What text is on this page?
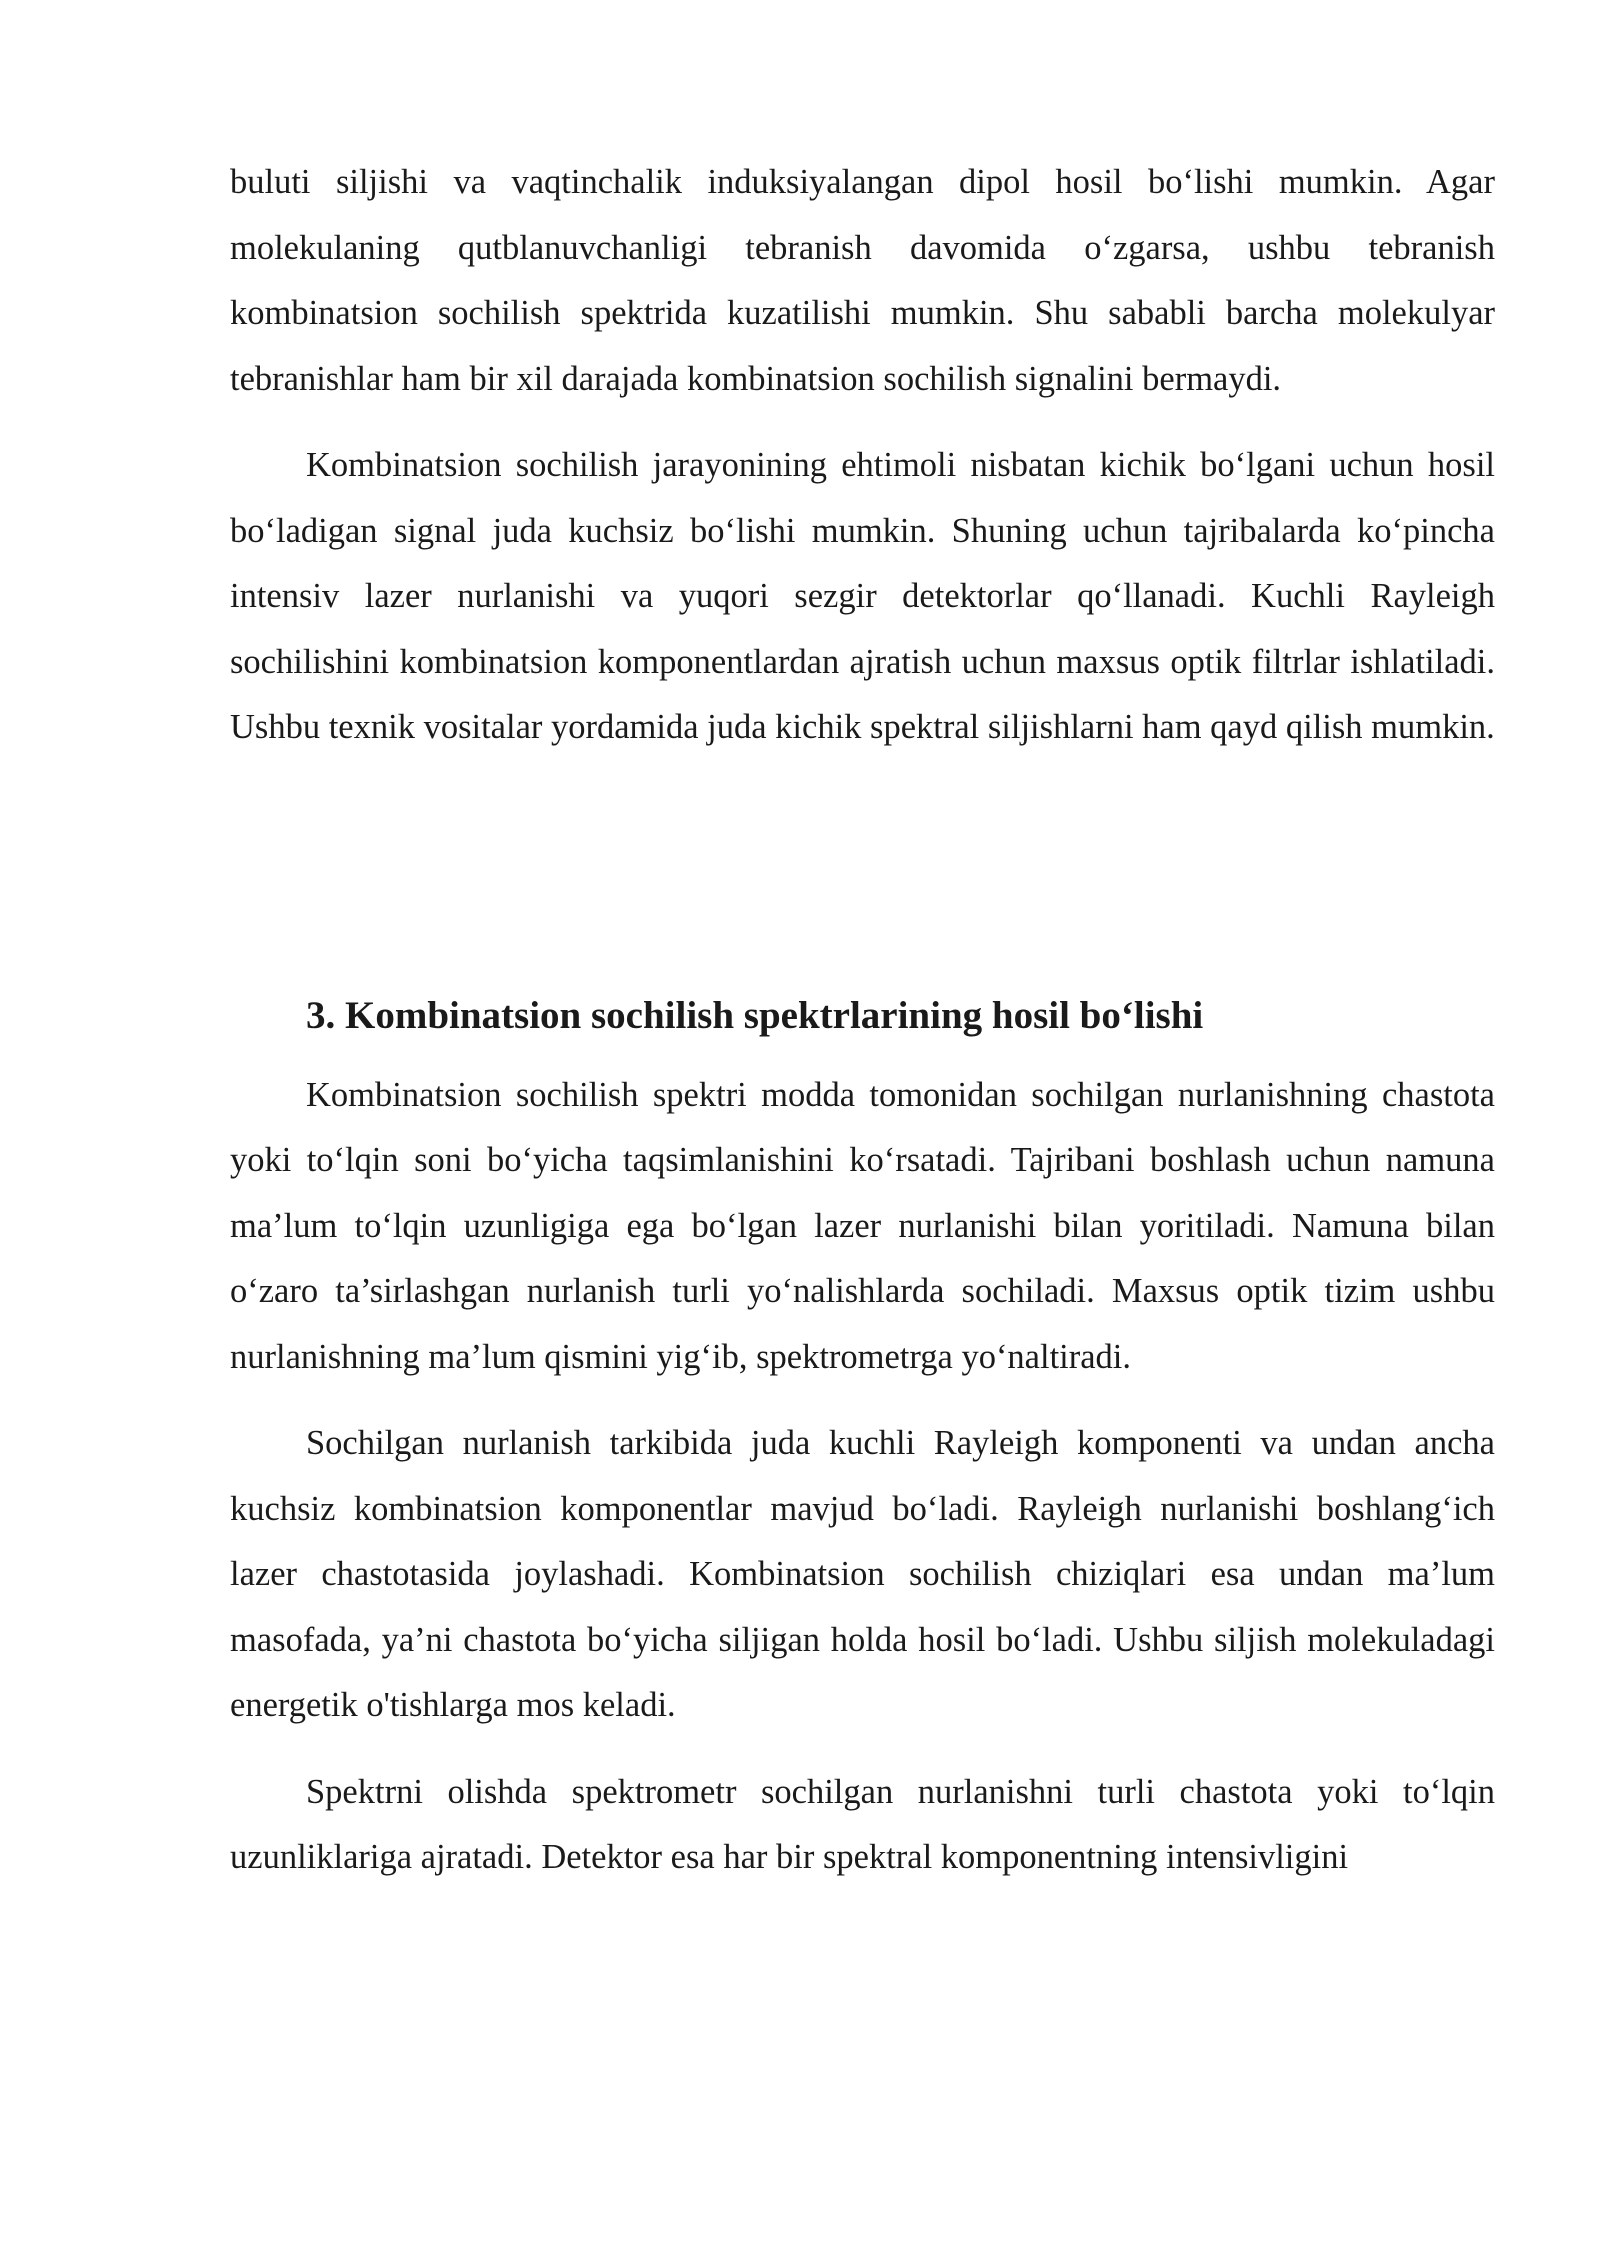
buluti siljishi va vaqtinchalik induksiyalangan dipol hosil bo‘lishi mumkin. Agar molekulaning qutblanuvchanligi tebranish davomida o‘zgarsa, ushbu tebranish kombinatsion sochilish spektrida kuzatilishi mumkin. Shu sababli barcha molekulyar tebranishlar ham bir xil darajada kombinatsion sochilish signalini bermaydi.

Kombinatsion sochilish jarayonining ehtimoli nisbatan kichik bo‘lgani uchun hosil bo‘ladigan signal juda kuchsiz bo‘lishi mumkin. Shuning uchun tajribalarda ko‘pincha intensiv lazer nurlanishi va yuqori sezgir detektorlar qo‘llanadi. Kuchli Rayleigh sochilishini kombinatsion komponentlardan ajratish uchun maxsus optik filtrlar ishlatiladi. Ushbu texnik vositalar yordamida juda kichik spektral siljishlarni ham qayd qilish mumkin.

3. Kombinatsion sochilish spektrlarining hosil bo‘lishi

Kombinatsion sochilish spektri modda tomonidan sochilgan nurlanishning chastota yoki to‘lqin soni bo‘yicha taqsimlanishini ko‘rsatadi. Tajribani boshlash uchun namuna ma’lum to‘lqin uzunligiga ega bo‘lgan lazer nurlanishi bilan yoritiladi. Namuna bilan o‘zaro ta’sirlashgan nurlanish turli yo‘nalishlarda sochiladi. Maxsus optik tizim ushbu nurlanishning ma’lum qismini yig‘ib, spektrometrga yo‘naltiradi.

Sochilgan nurlanish tarkibida juda kuchli Rayleigh komponenti va undan ancha kuchsiz kombinatsion komponentlar mavjud bo‘ladi. Rayleigh nurlanishi boshlang‘ich lazer chastotasida joylashadi. Kombinatsion sochilish chiziqlari esa undan ma’lum masofada, ya’ni chastota bo‘yicha siljigan holda hosil bo‘ladi. Ushbu siljish molekuladagi energetik o'tishlarga mos keladi.

Spektrni olishda spektrometr sochilgan nurlanishni turli chastota yoki to‘lqin uzunliklariga ajratadi. Detektor esa har bir spektral komponentning intensivligini
